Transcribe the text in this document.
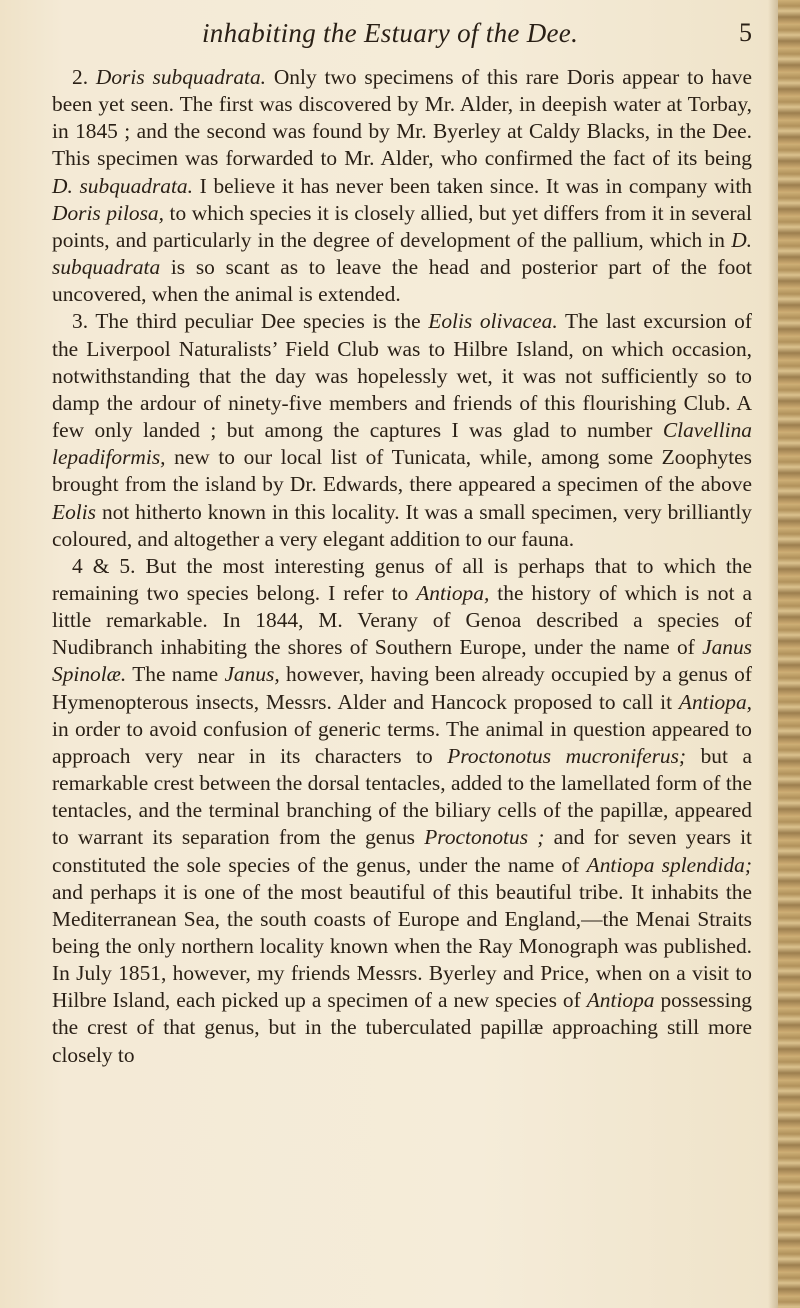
inhabiting the Estuary of the Dee.	5

2. Doris subquadrata. Only two specimens of this rare Doris appear to have been yet seen. The first was discovered by Mr. Alder, in deepish water at Torbay, in 1845 ; and the second was found by Mr. Byerley at Caldy Blacks, in the Dee. This specimen was forwarded to Mr. Alder, who confirmed the fact of its being D. subquadrata. I believe it has never been taken since. It was in company with Doris pilosa, to which species it is closely allied, but yet differs from it in several points, and particularly in the degree of development of the pallium, which in D. subquadrata is so scant as to leave the head and posterior part of the foot uncovered, when the animal is extended.

3. The third peculiar Dee species is the Eolis olivacea. The last excursion of the Liverpool Naturalists’ Field Club was to Hilbre Island, on which occasion, notwithstanding that the day was hopelessly wet, it was not sufficiently so to damp the ardour of ninety-five members and friends of this flourishing Club. A few only landed ; but among the captures I was glad to number Clavellina lepadiformis, new to our local list of Tunicata, while, among some Zoophytes brought from the island by Dr. Edwards, there appeared a specimen of the above Eolis not hitherto known in this locality. It was a small specimen, very brilliantly coloured, and altogether a very elegant addition to our fauna.

4 & 5. But the most interesting genus of all is perhaps that to which the remaining two species belong. I refer to Antiopa, the history of which is not a little remarkable. In 1844, M. Verany of Genoa described a species of Nudibranch inhabiting the shores of Southern Europe, under the name of Janus Spinolæ. The name Janus, however, having been already occupied by a genus of Hymenopterous insects, Messrs. Alder and Hancock proposed to call it Antiopa, in order to avoid confusion of generic terms. The animal in question appeared to approach very near in its characters to Proctonotus mucroniferus; but a remarkable crest between the dorsal tentacles, added to the lamellated form of the tentacles, and the terminal branching of the biliary cells of the papillæ, appeared to warrant its separation from the genus Proctonotus ; and for seven years it constituted the sole species of the genus, under the name of Antiopa splendida; and perhaps it is one of the most beautiful of this beautiful tribe. It inhabits the Mediterranean Sea, the south coasts of Europe and England,—the Menai Straits being the only northern locality known when the Ray Monograph was published. In July 1851, however, my friends Messrs. Byerley and Price, when on a visit to Hilbre Island, each picked up a specimen of a new species of Antiopa possessing the crest of that genus, but in the tuberculated papillæ approaching still more closely to
